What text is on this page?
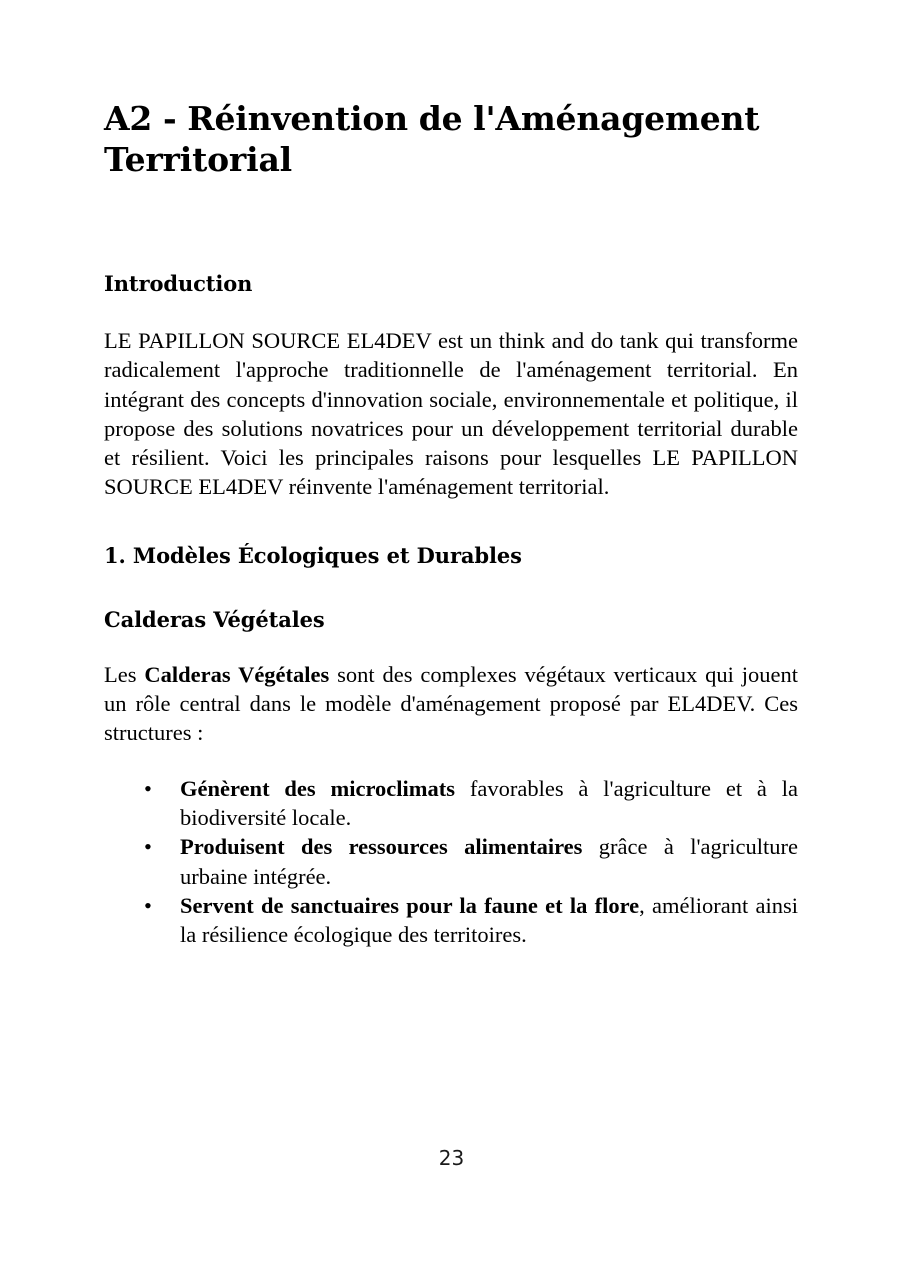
A2 - Réinvention de l'Aménagement
Territorial
Introduction

LE PAPILLON SOURCE EL4DEV est un think and do tank qui transforme radicalement l'approche traditionnelle de l'aménagement territorial. En intégrant des concepts d'innovation sociale, environnementale et politique, il propose des solutions novatrices pour un développement territorial durable et résilient. Voici les principales raisons pour lesquelles LE PAPILLON SOURCE EL4DEV réinvente l'aménagement territorial.

1. Modèles Écologiques et Durables
Calderas Végétales

Les Calderas Végétales sont des complexes végétaux verticaux qui jouent un rôle central dans le modèle d'aménagement proposé par EL4DEV. Ces structures :

• Génèrent des microclimats favorables à l'agriculture et à la biodiversité locale.
• Produisent des ressources alimentaires grâce à l'agriculture urbaine intégrée.
• Servent de sanctuaires pour la faune et la flore, améliorant ainsi la résilience écologique des territoires.
23
